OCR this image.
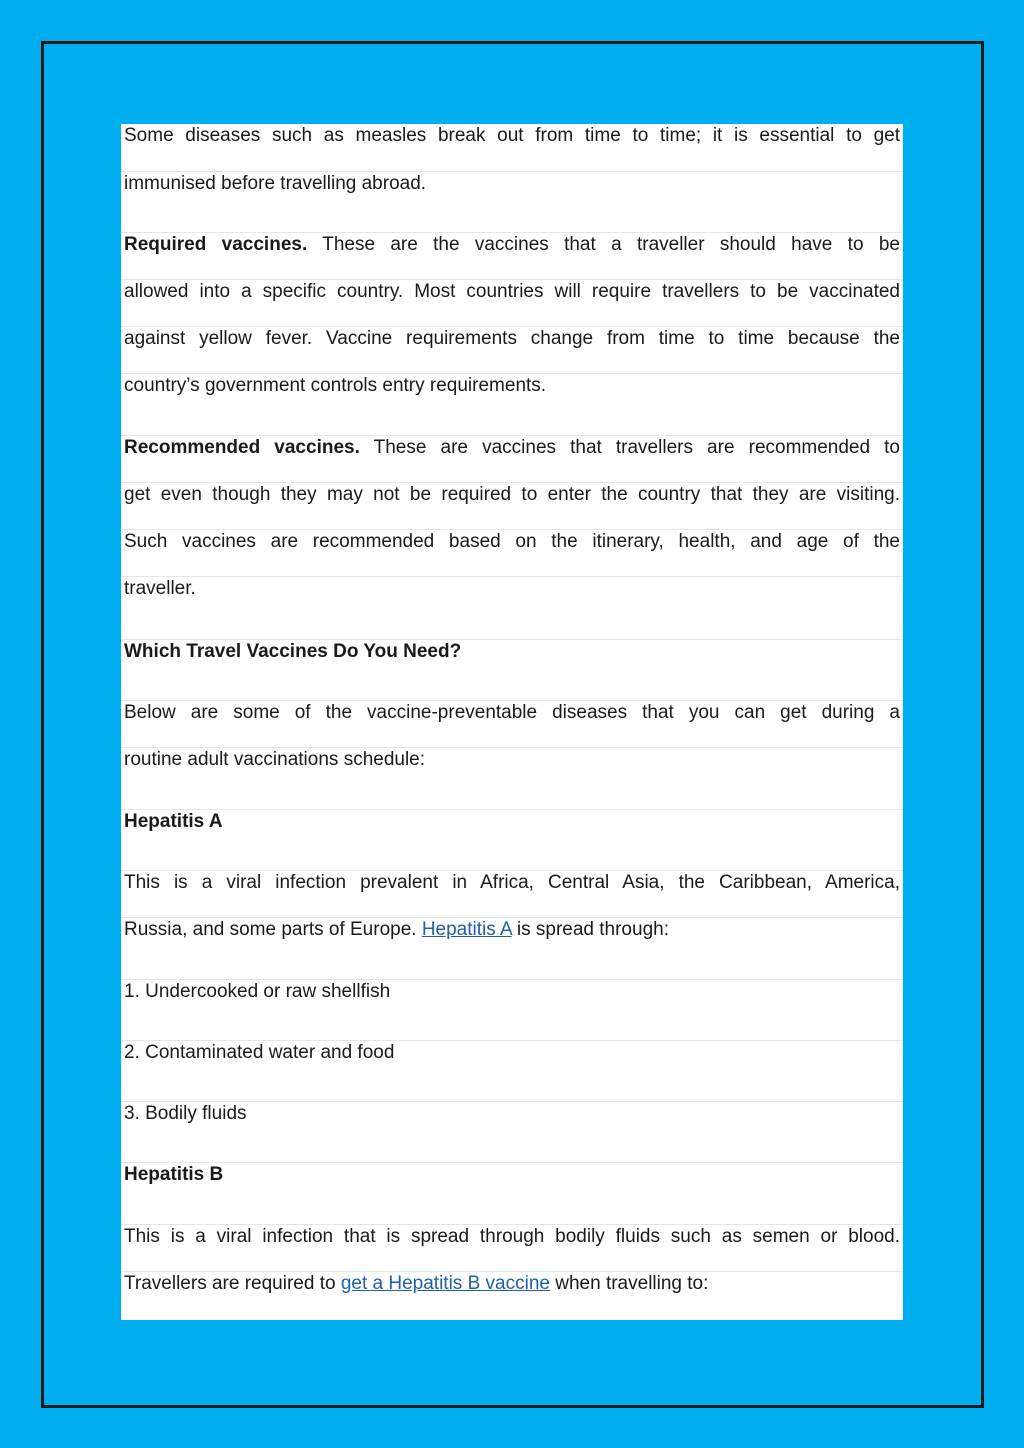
Some diseases such as measles break out from time to time; it is essential to get
immunised before travelling abroad.
Required vaccines. These are the vaccines that a traveller should have to be
allowed into a specific country. Most countries will require travellers to be vaccinated
against yellow fever. Vaccine requirements change from time to time because the
country’s government controls entry requirements.
Recommended vaccines. These are vaccines that travellers are recommended to
get even though they may not be required to enter the country that they are visiting.
Such vaccines are recommended based on the itinerary, health, and age of the
traveller.
Which Travel Vaccines Do You Need?
Below are some of the vaccine-preventable diseases that you can get during a
routine adult vaccinations schedule:
Hepatitis A
This is a viral infection prevalent in Africa, Central Asia, the Caribbean, America,
Russia, and some parts of Europe. Hepatitis A is spread through:
1. Undercooked or raw shellfish
2. Contaminated water and food
3. Bodily fluids
Hepatitis B
This is a viral infection that is spread through bodily fluids such as semen or blood.
Travellers are required to get a Hepatitis B vaccine when travelling to:
